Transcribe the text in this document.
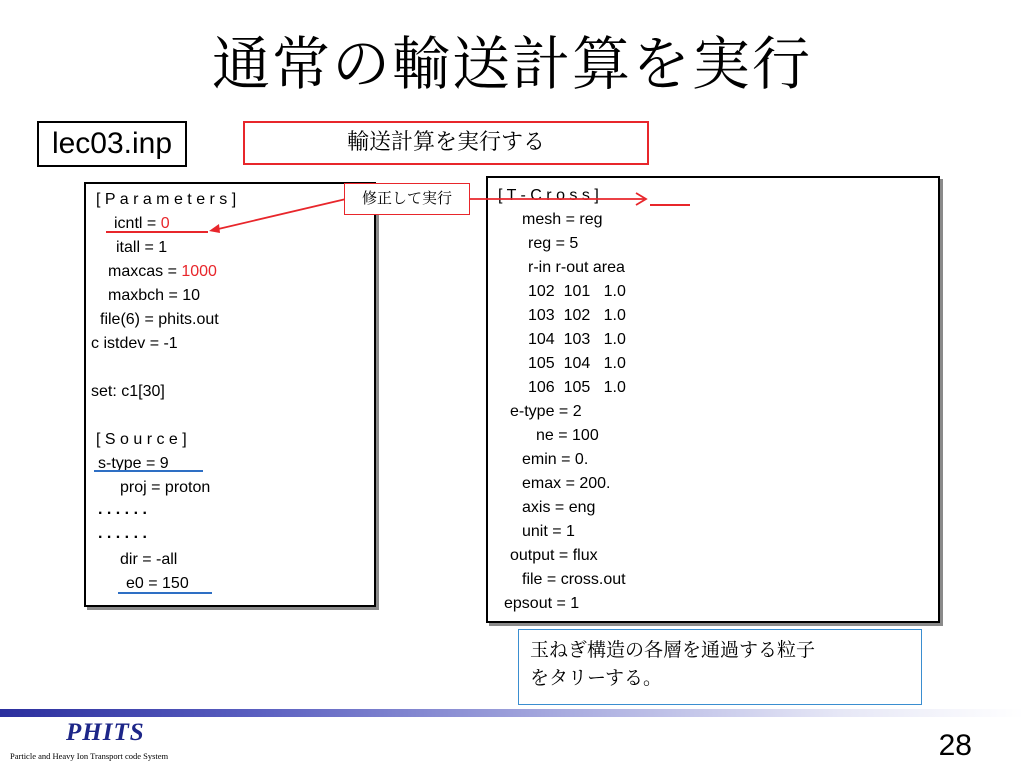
通常の輸送計算を実行
lec03.inp	輸送計算を実行する
[ P a r a m e t e r s ]
icntl = 0
itall = 1
maxcas = 1000
maxbch = 10
file(6) = phits.out
c istdev = -1
set: c1[30]
[ S o u r c e ]
s-type = 9
proj = proton
. . . . . .
. . . . . .
dir = -all
e0 = 150
[ T - C r o s s ]
mesh = reg
reg = 5
r-in r-out area
102  101   1.0
103  102   1.0
104  103   1.0
105  104   1.0
106  105   1.0
e-type = 2
ne = 100
emin = 0.
emax = 200.
axis = eng
unit = 1
output = flux
file = cross.out
epsout = 1
修正して実行
玉ねぎ構造の各層を通過する粒子
をタリーする。
PHITS
Particle and Heavy Ion Transport code System	28
